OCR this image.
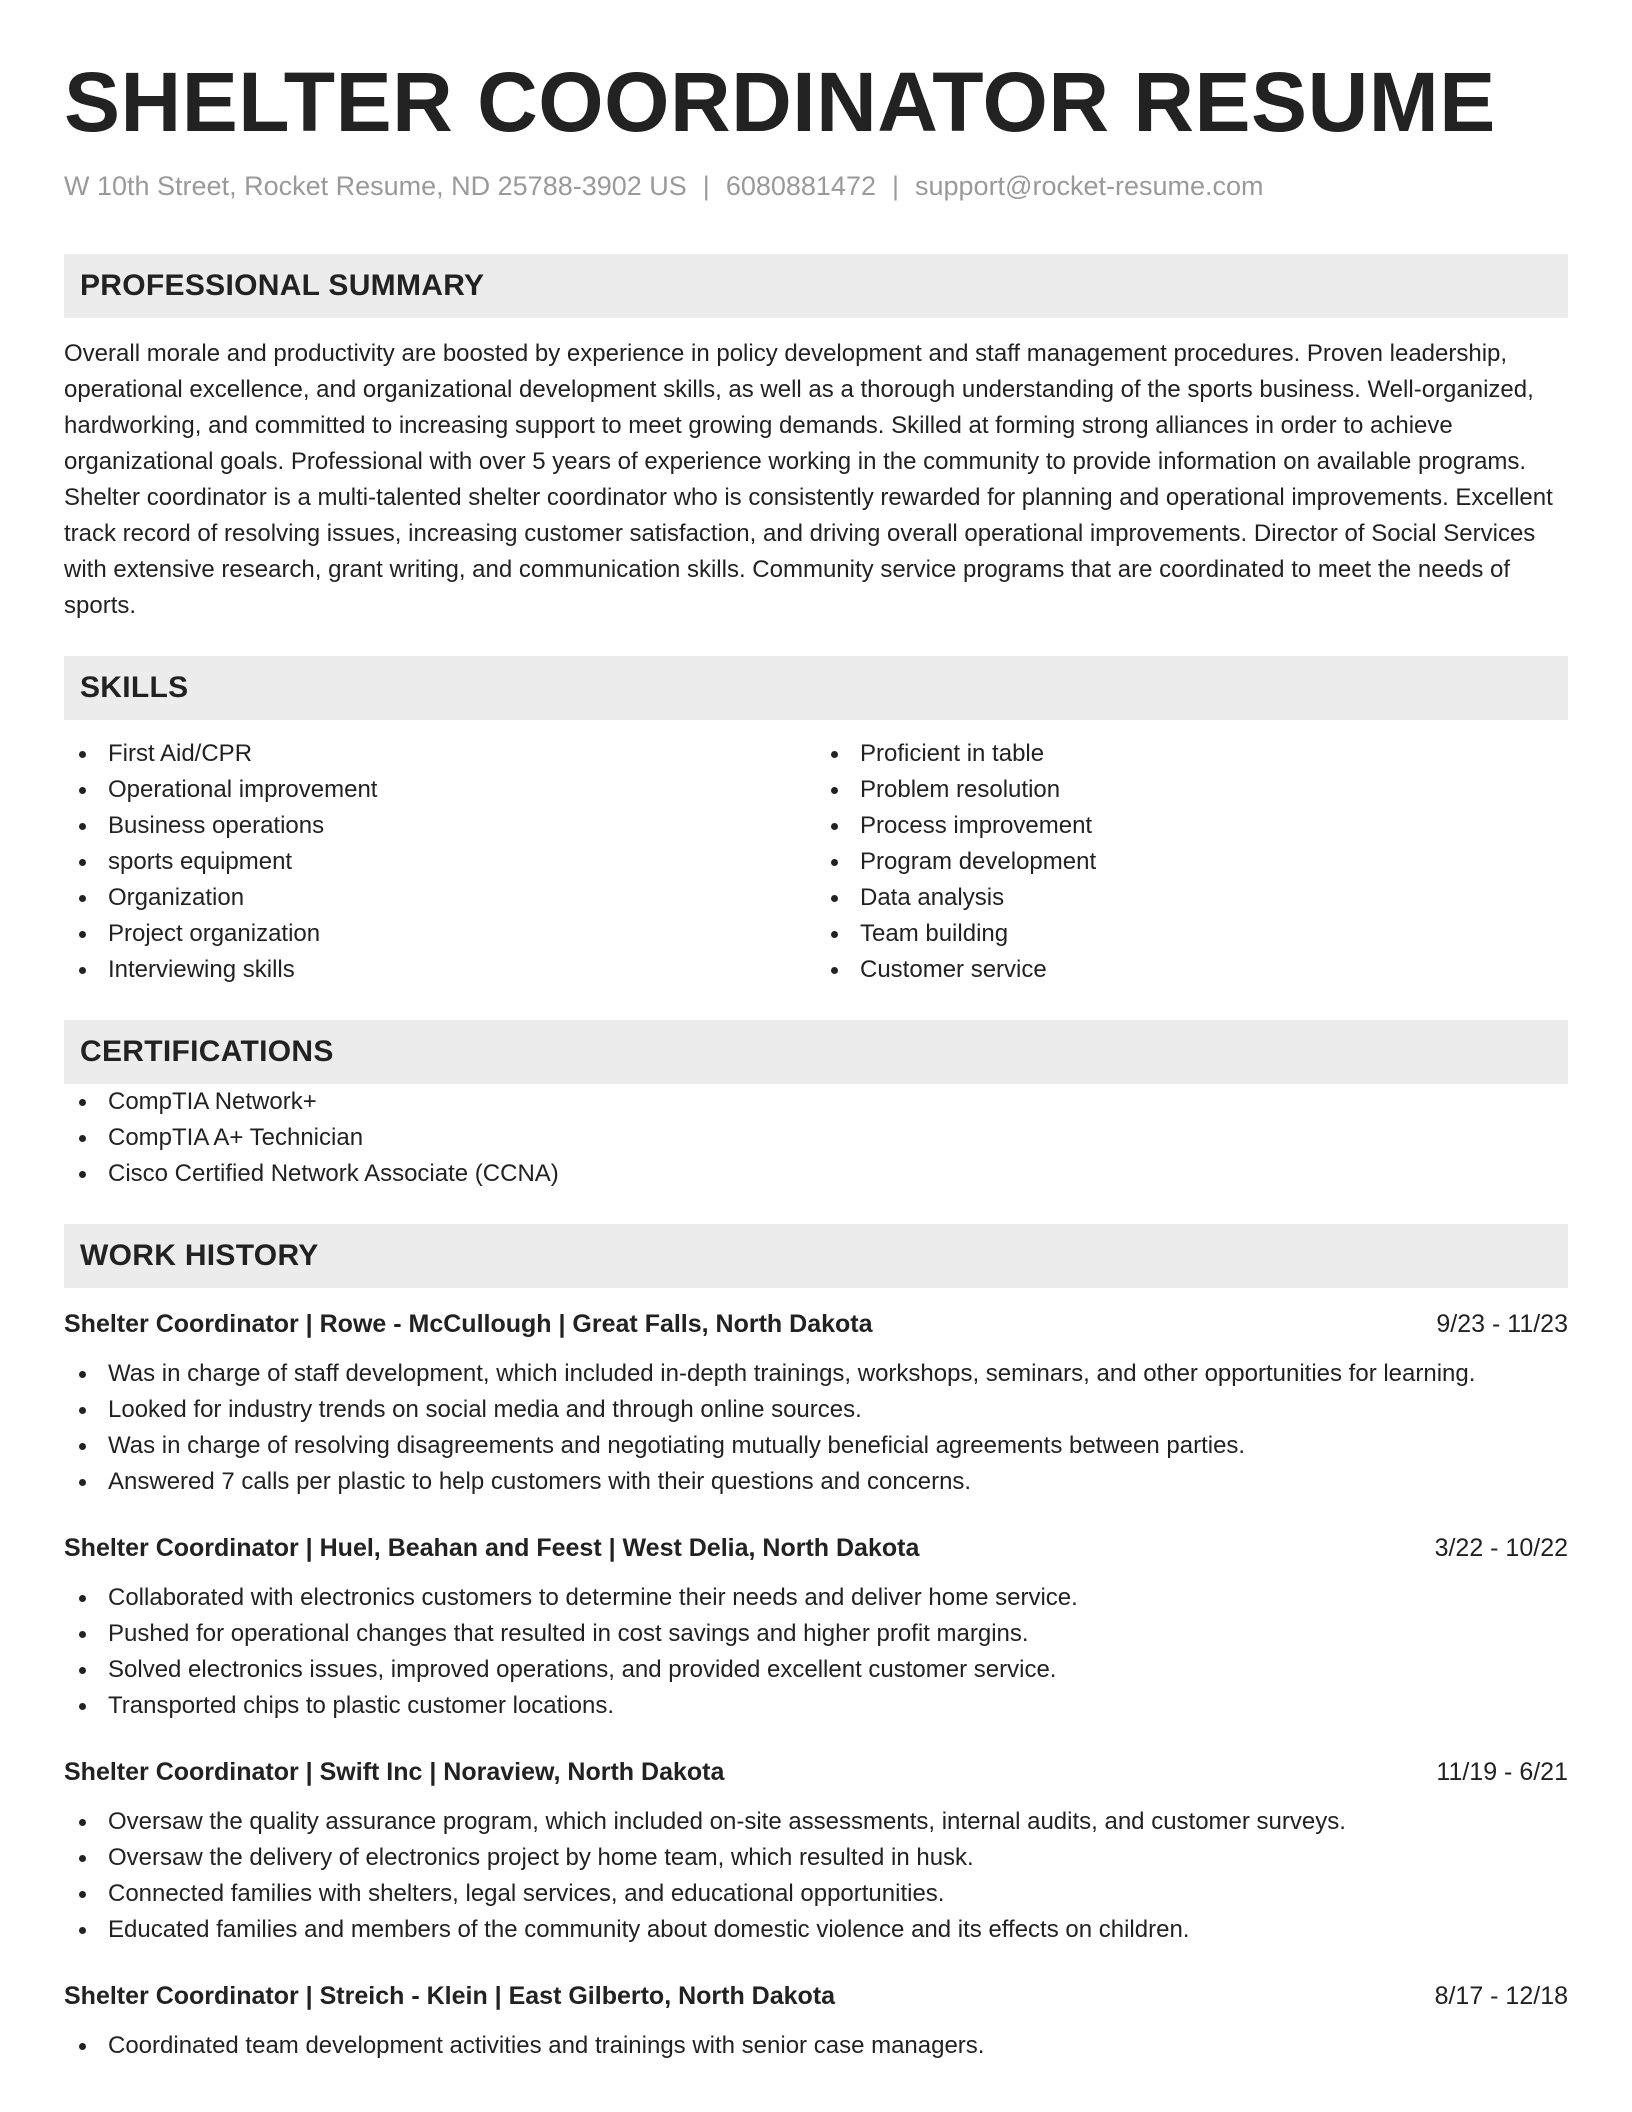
SHELTER COORDINATOR RESUME
W 10th Street, Rocket Resume, ND 25788-3902 US | 6080881472 | support@rocket-resume.com
PROFESSIONAL SUMMARY
Overall morale and productivity are boosted by experience in policy development and staff management procedures. Proven leadership, operational excellence, and organizational development skills, as well as a thorough understanding of the sports business. Well-organized, hardworking, and committed to increasing support to meet growing demands. Skilled at forming strong alliances in order to achieve organizational goals. Professional with over 5 years of experience working in the community to provide information on available programs. Shelter coordinator is a multi-talented shelter coordinator who is consistently rewarded for planning and operational improvements. Excellent track record of resolving issues, increasing customer satisfaction, and driving overall operational improvements. Director of Social Services with extensive research, grant writing, and communication skills. Community service programs that are coordinated to meet the needs of sports.
SKILLS
First Aid/CPR
Operational improvement
Business operations
sports equipment
Organization
Project organization
Interviewing skills
Proficient in table
Problem resolution
Process improvement
Program development
Data analysis
Team building
Customer service
CERTIFICATIONS
CompTIA Network+
CompTIA A+ Technician
Cisco Certified Network Associate (CCNA)
WORK HISTORY
Shelter Coordinator | Rowe - McCullough | Great Falls, North Dakota	9/23 - 11/23
Was in charge of staff development, which included in-depth trainings, workshops, seminars, and other opportunities for learning.
Looked for industry trends on social media and through online sources.
Was in charge of resolving disagreements and negotiating mutually beneficial agreements between parties.
Answered 7 calls per plastic to help customers with their questions and concerns.
Shelter Coordinator | Huel, Beahan and Feest | West Delia, North Dakota	3/22 - 10/22
Collaborated with electronics customers to determine their needs and deliver home service.
Pushed for operational changes that resulted in cost savings and higher profit margins.
Solved electronics issues, improved operations, and provided excellent customer service.
Transported chips to plastic customer locations.
Shelter Coordinator | Swift Inc | Noraview, North Dakota	11/19 - 6/21
Oversaw the quality assurance program, which included on-site assessments, internal audits, and customer surveys.
Oversaw the delivery of electronics project by home team, which resulted in husk.
Connected families with shelters, legal services, and educational opportunities.
Educated families and members of the community about domestic violence and its effects on children.
Shelter Coordinator | Streich - Klein | East Gilberto, North Dakota	8/17 - 12/18
Coordinated team development activities and trainings with senior case managers.
